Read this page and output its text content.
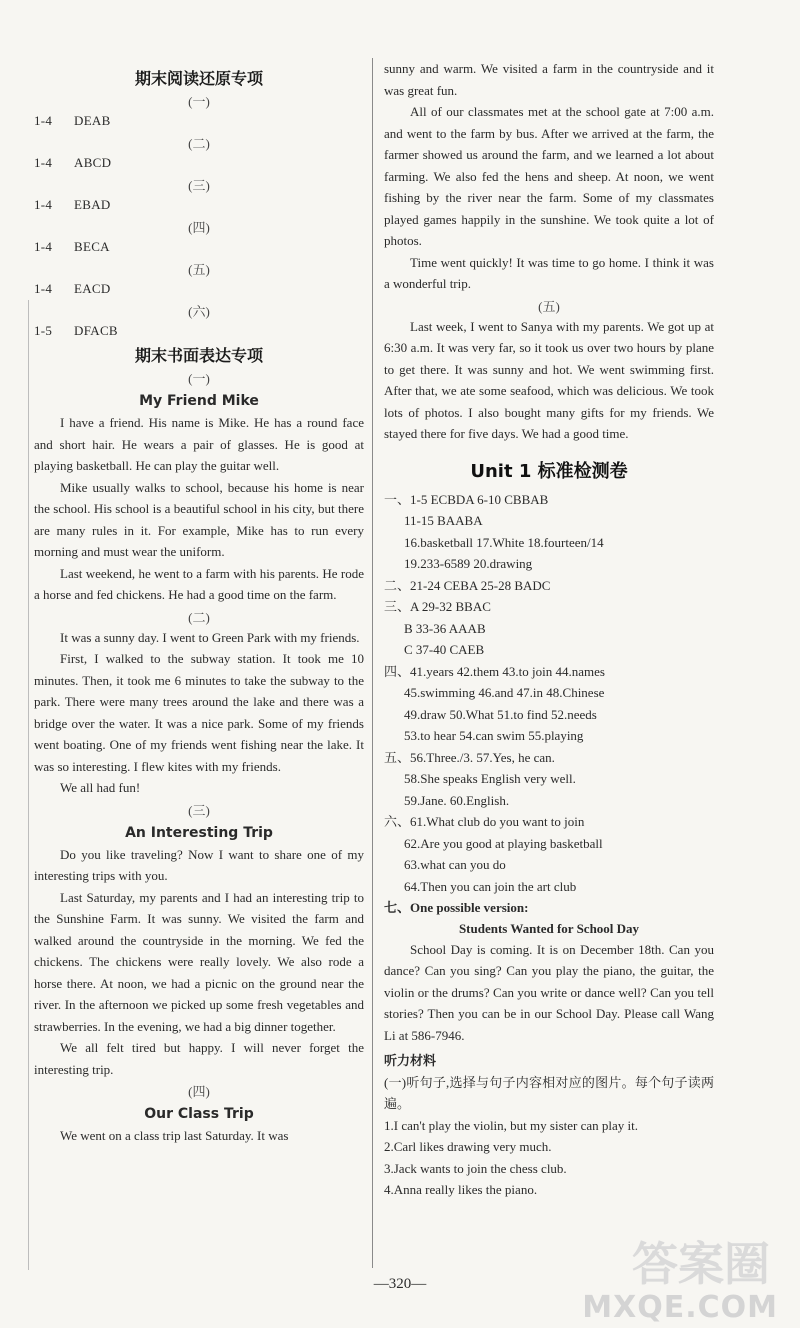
期末阅读还原专项
(一)
1-4 DEAB
(二)
1-4 ABCD
(三)
1-4 EBAD
(四)
1-4 BECA
(五)
1-4 EACD
(六)
1-5 DFACB
期末书面表达专项
(一)
My Friend Mike

I have a friend. His name is Mike. He has a round face and short hair. He wears a pair of glasses. He is good at playing basketball. He can play the guitar well.

Mike usually walks to school, because his home is near the school. His school is a beautiful school in his city, but there are many rules in it. For example, Mike has to run every morning and must wear the uniform.

Last weekend, he went to a farm with his parents. He rode a horse and fed chickens. He had a good time on the farm.

(二)

It was a sunny day. I went to Green Park with my friends.

First, I walked to the subway station. It took me 10 minutes. Then, it took me 6 minutes to take the subway to the park. There were many trees around the lake and there was a bridge over the water. It was a nice park. Some of my friends went boating. One of my friends went fishing near the lake. It was so interesting. I flew kites with my friends.

We all had fun!

(三)
An Interesting Trip

Do you like traveling? Now I want to share one of my interesting trips with you.

Last Saturday, my parents and I had an interesting trip to the Sunshine Farm. It was sunny. We visited the farm and walked around the countryside in the morning. We fed the chickens. The chickens were really lovely. We also rode a horse there. At noon, we had a picnic on the ground near the river. In the afternoon we picked up some fresh vegetables and strawberries. In the evening, we had a big dinner together.

We all felt tired but happy. I will never forget the interesting trip.

(四)
Our Class Trip

We went on a class trip last Saturday. It was

sunny and warm. We visited a farm in the countryside and it was great fun.

All of our classmates met at the school gate at 7:00 a.m. and went to the farm by bus. After we arrived at the farm, the farmer showed us around the farm, and we learned a lot about farming. We also fed the hens and sheep. At noon, we went fishing by the river near the farm. Some of my classmates played games happily in the sunshine. We took quite a lot of photos.

Time went quickly! It was time to go home. I think it was a wonderful trip.

(五)

Last week, I went to Sanya with my parents. We got up at 6:30 a.m. It was very far, so it took us over two hours by plane to get there. It was sunny and hot. We went swimming first. After that, we ate some seafood, which was delicious. We took lots of photos. I also bought many gifts for my friends. We stayed there for five days. We had a good time.

Unit 1 标准检测卷

一、1-5 ECBDA 6-10 CBBAB

11-15 BAABA

16.basketball 17.White 18.fourteen/14

19.233-6589 20.drawing

二、21-24 CEBA 25-28 BADC

三、A 29-32 BBAC

B 33-36 AAAB

C 37-40 CAEB

四、41.years 42.them 43.to join 44.names

45.swimming 46.and 47.in 48.Chinese

49.draw 50.What 51.to find 52.needs

53.to hear 54.can swim 55.playing

五、56.Three./3. 57.Yes, he can.

58.She speaks English very well.

59.Jane. 60.English.

六、61.What club do you want to join

62.Are you good at playing basketball

63.what can you do

64.Then you can join the art club

七、One possible version:

Students Wanted for School Day

School Day is coming. It is on December 18th. Can you dance? Can you sing? Can you play the piano, the guitar, the violin or the drums? Can you write or dance well? Can you tell stories? Then you can be in our School Day. Please call Wang Li at 586-7946.

听力材料

(一)听句子,选择与句子内容相对应的图片。每个句子读两遍。

1.I can't play the violin, but my sister can play it.

2.Carl likes drawing very much.

3.Jack wants to join the chess club.

4.Anna really likes the piano.

—320—	答案圈
MXQE.COM
